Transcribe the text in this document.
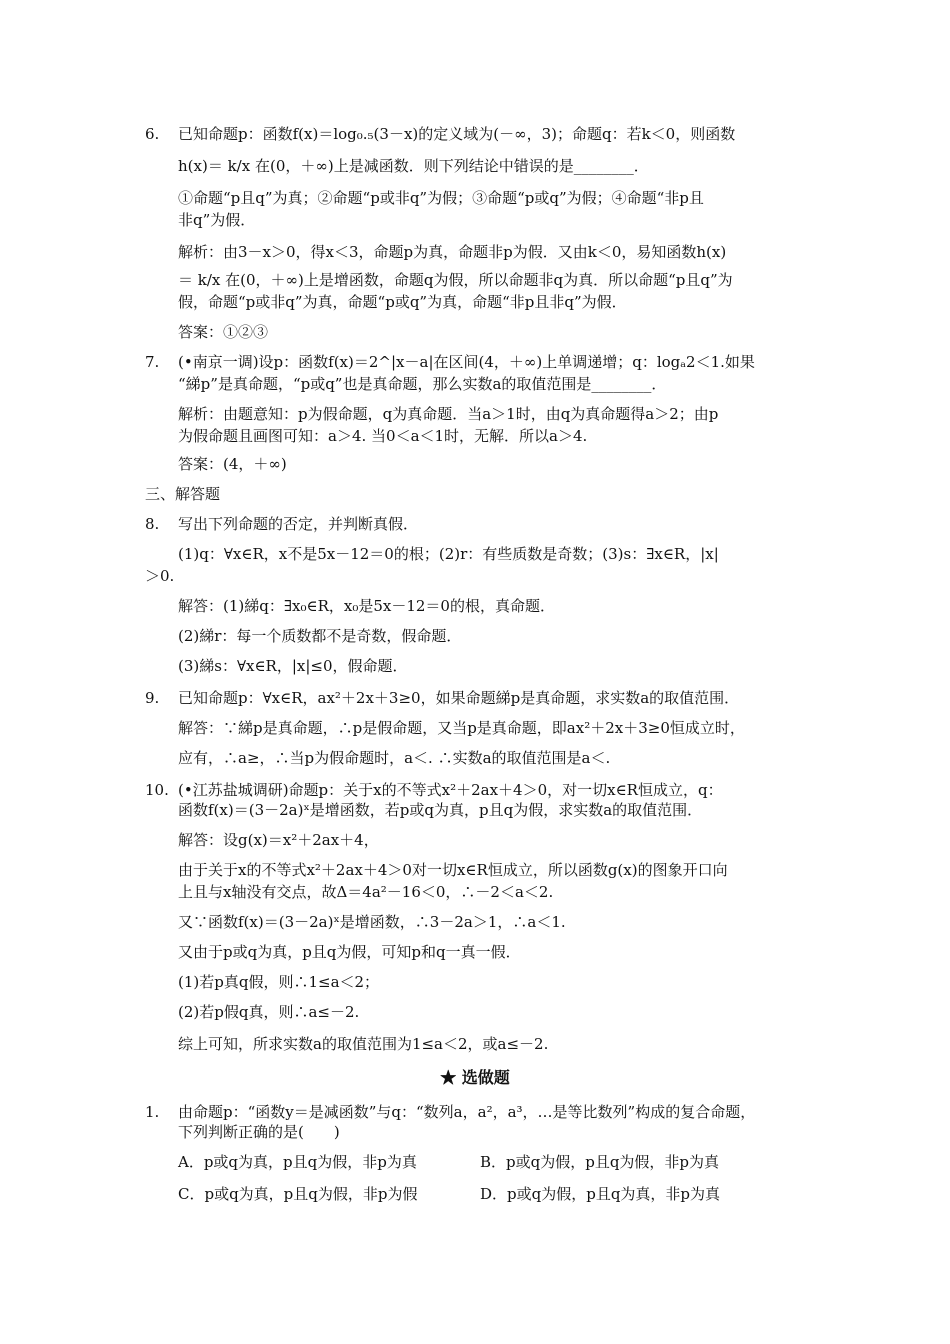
6. 已知命题p：函数f(x)＝log₀.₅(3－x)的定义域为(－∞，3)；命题q：若k＜0，则函数
h(x)＝ k/x 在(0，＋∞)上是减函数．则下列结论中错误的是________．
①命题“p且q”为真；②命题“p或非q”为假；③命题“p或q”为假；④命题“非p且
非q”为假．
解析：由3－x＞0，得x＜3，命题p为真，命题非p为假．又由k＜0，易知函数h(x)
＝ k/x 在(0，＋∞)上是增函数，命题q为假，所以命题非q为真．所以命题“p且q”为
假，命题“p或非q”为真，命题“p或q”为真，命题“非p且非q”为假．
答案：①②③
7. (•南京一调)设p：函数f(x)＝2^|x－a|在区间(4，＋∞)上单调递增；q：logₐ2＜1.如果
“綈p”是真命题，“p或q”也是真命题，那么实数a的取值范围是________．
解析：由题意知：p为假命题，q为真命题．当a＞1时，由q为真命题得a＞2；由p
为假命题且画图可知：a＞4. 当0＜a＜1时，无解．所以a＞4.
答案：(4，＋∞)
三、解答题
8. 写出下列命题的否定，并判断真假．
(1)q：∀x∈R，x不是5x－12＝0的根；(2)r：有些质数是奇数；(3)s：∃x∈R，|x|
＞0.
解答：(1)綈q：∃x₀∈R，x₀是5x－12＝0的根，真命题．
(2)綈r：每一个质数都不是奇数，假命题．
(3)綈s：∀x∈R，|x|≤0，假命题．
9. 已知命题p：∀x∈R，ax²＋2x＋3≥0，如果命题綈p是真命题，求实数a的取值范围．
解答：∵綈p是真命题，∴p是假命题，又当p是真命题，即ax²＋2x＋3≥0恒成立时，
应有，∴a≥，∴当p为假命题时，a＜. ∴实数a的取值范围是a＜.
10. (•江苏盐城调研)命题p：关于x的不等式x²＋2ax＋4＞0，对一切x∈R恒成立，q：
函数f(x)＝(3－2a)ˣ是增函数，若p或q为真，p且q为假，求实数a的取值范围．
解答：设g(x)＝x²＋2ax＋4，
由于关于x的不等式x²＋2ax＋4＞0对一切x∈R恒成立，所以函数g(x)的图象开口向
上且与x轴没有交点，故Δ＝4a²－16＜0，∴－2＜a＜2.
又∵函数f(x)＝(3－2a)ˣ是增函数，∴3－2a＞1，∴a＜1.
又由于p或q为真，p且q为假，可知p和q一真一假．
(1)若p真q假，则∴1≤a＜2；
(2)若p假q真，则∴a≤－2.
综上可知，所求实数a的取值范围为1≤a＜2，或a≤－2.
★ 选做题
1. 由命题p：“函数y＝是减函数”与q：“数列a，a²，a³，…是等比数列”构成的复合命题，
下列判断正确的是(　　)
A．p或q为真，p且q为假，非p为真	B．p或q为假，p且q为假，非p为真
C．p或q为真，p且q为假，非p为假	D．p或q为假，p且q为真，非p为真
